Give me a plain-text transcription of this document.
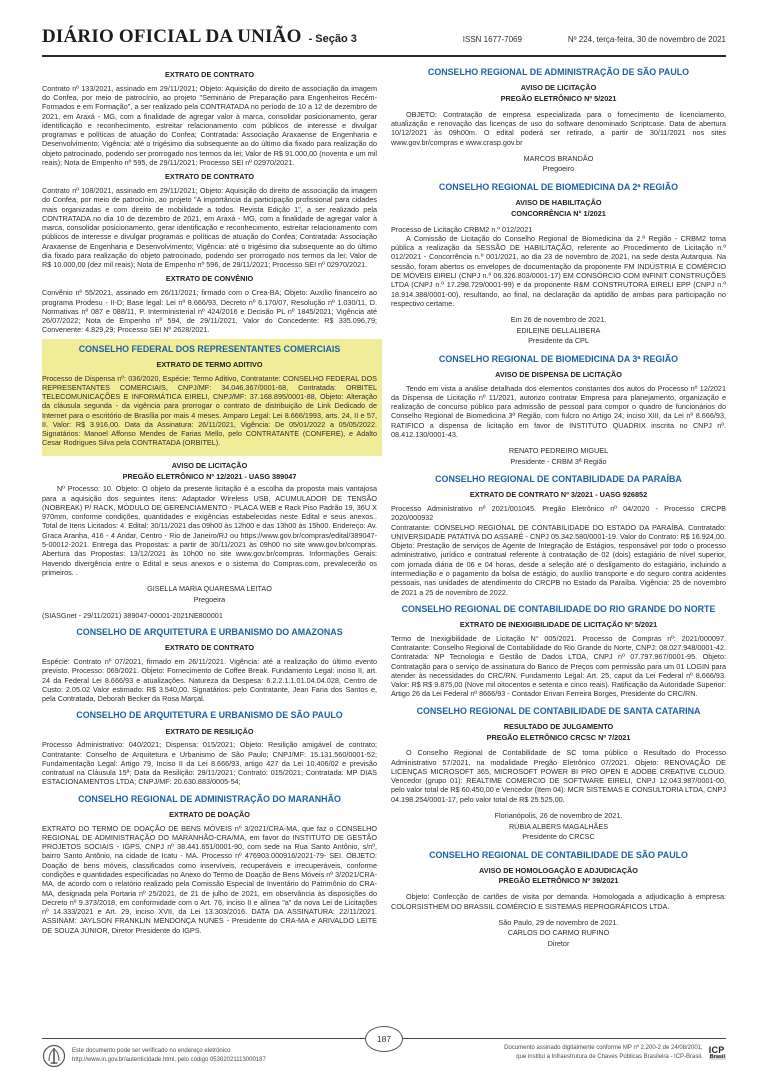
DIÁRIO OFICIAL DA UNIÃO - Seção 3	ISSN 1677-7069	Nº 224, terça-feira, 30 de novembro de 2021
EXTRATO DE CONTRATO

Contrato nº 133/2021, assinado em 29/11/2021; Objeto: Aquisição do direito de associação da imagem do Confea, por meio de patrocínio, ao projeto "Seminário de Preparação para Engenheiros Recém-Formados e em Formação", a ser realizado pela CONTRATADA no período de 10 a 12 de dezembro de 2021, em Araxá - MG, com a finalidade de agregar valor à marca, consolidar posicionamento, gerar identificação e reconhecimento, estreitar relacionamento com públicos de interesse e divulgar programas e políticas de atuação do Confea; Contratada: Associação Araxaense de Engenharia e Desenvolvimento; Vigência: até o trigésimo dia subsequente ao do último dia fixado para realização do objeto patrocinado, podendo ser prorrogado nos termos da lei; Valor de R$ 91.000,00 (noventa e um mil reais); Nota de Empenho nº 595, de 29/11/2021; Processo SEI nº 02970/2021.

EXTRATO DE CONTRATO

Contrato nº 108/2021, assinado em 29/11/2021; Objeto: Aquisição do direito de associação da imagem do Confea, por meio de patrocínio, ao projeto "A importância da participação profissional para cidades mais organizadas e com direito de mobilidade a todos. Revista Edição 1", a ser realizado pela CONTRATADA no dia 10 de dezembro de 2021, em Araxá - MG, com a finalidade de agregar valor à marca, consolidar posicionamento, gerar identificação e reconhecimento, estreitar relacionamento com públicos de interesse e divulgar programas e políticas de atuação do Confea; Contratada: Associação Araxaense de Engenharia e Desenvolvimento; Vigência: até o trigésimo dia subsequente ao do último dia fixado para realização do objeto patrocinado, podendo ser prorrogado nos termos da lei; Valor de R$ 10.000,00 (dez mil reais); Nota de Empenho nº 596, de 29/11/2021; Processo SEI nº 02970/2021.

EXTRATO DE CONVÊNIO

Convênio nº 55/2021, assinado em 26/11/2021; firmado com o Crea-BA; Objeto: Auxílio financeiro ao programa Prodesu - II-D; Base legal: Lei nº 8.666/93, Decreto nº 6.170/07, Resolução nº 1.030/11, D. Normativas nº 087 e 088/11, P. Interministerial nº 424/2016 e Decisão PL nº 1845/2021; Vigência até 26/07/2022; Nota de Empenho nº 594, de 29/11/2021, Valor do Concedente: R$ 335.096,79; Convenente: 4.829,29; Processo SEI Nº 2628/2021.

CONSELHO FEDERAL DOS REPRESENTANTES COMERCIAIS
EXTRATO DE TERMO ADITIVO

Processo de Dispensa nº: 036/2020, Espécie: Termo Aditivo, Contratante: CONSELHO FEDERAL DOS REPRESENTANTES COMERCIAIS, CNPJ/MF: 34.046.367/0001-68, Contratada: ORBITEL TELECOMUNICAÇÕES E INFORMÁTICA EIRELI, CNPJ/MF: 37.168.895/0001-88, Objeto: Alteração da cláusula segunda - da vigência para prorrogar o contrato de distribuição de Link Dedicado de Internet para o escritório de Brasília por mais 4 meses. Amparo Legal: Lei 8.666/1993, arts. 24, II e 57, II. Valor: R$ 3.916,00. Data da Assinatura: 26/11/2021, Vigência: De 05/01/2022 a 05/05/2022. Signatários: Manoel Affonso Mendes de Farias Mello, pelo CONTRATANTE (CONFERE), e Adalto Cesar Rodrigues Silva pela CONTRATADA (ORBITEL).

AVISO DE LICITAÇÃO
PREGÃO ELETRÔNICO Nº 12/2021 - UASG 389047

Nº Processo: 10. Objeto: O objeto da presente licitação é a escolha da proposta mais vantajosa para a aquisição dos seguintes itens: Adaptador Wireless USB, ACUMULADOR DE TENSÃO (NOBREAK) P/ RACK, MÓDULO DE GERENCIAMENTO - PLACA WEB e Rack Piso Padrão 19, 36U X 970mm, conforme condições, quantidades e exigências estabelecidas neste Edital e seus anexos.. Total de Itens Licitados: 4. Edital: 30/11/2021 das 09h00 às 12h00 e das 13h00 às 15h00. Endereço: Av. Graca Aranha, 416 - 4 Andar, Centro - Rio de Janeiro/RJ ou https://www.gov.br/compras/edital/389047-5-00012-2021. Entrega das Propostas: a partir de 30/11/2021 às 09h00 no site www.gov.br/compras. Abertura das Propostas: 13/12/2021 às 10h00 no site www.gov.br/compras. Informações Gerais: Havendo divergência entre o Edital e seus anexos e o sistema do Compras.com, prevalecerão os primeiros. .

GISELLA MARIA QUARESMA LEITAO
Pregoeira
(SIASGnet - 29/11/2021) 389047-00001-2021NE800001
CONSELHO DE ARQUITETURA E URBANISMO DO AMAZONAS
EXTRATO DE CONTRATO

Espécie: Contrato nº 07/2021, firmado em 26/11/2021. Vigência: até a realização do último evento previsto. Processo: 069/2021. Objeto: Fornecimento de Coffee Break. Fundamento Legal: inciso II, art. 24 da Federal Lei 8.666/93 e atualizações. Natureza da Despesa: 6.2.2.1.1.01.04.04.028, Centro de Custo: 2.05.02 Valor estimado: R$ 3.540,00. Signatários: pelo Contratante, Jean Faria dos Santos e, pela Contratada, Deborah Becker da Rosa Marçal.

CONSELHO DE ARQUITETURA E URBANISMO DE SÃO PAULO
EXTRATO DE RESILIÇÃO

Processo Administrativo: 040/2021; Dispensa: 015/2021; Objeto: Resilição amigável de contrato; Contratante: Conselho de Arquitetura e Urbanismo de São Paulo; CNPJ/MF: 15.131.560/0001-52; Fundamentação Legal: Artigo 79, Inciso II da Lei 8.666/93, artigo 427 da Lei 10.406/02 e previsão contratual na Cláusula 15ª; Data da Resilição: 29/11/2021; Contrato: 015/2021; Contratada: MP DIAS ESTACIONAMENTOS LTDA; CNPJ/MF: 20.630.883/0005-54;

CONSELHO REGIONAL DE ADMINISTRAÇÃO DO MARANHÃO
EXTRATO DE DOAÇÃO

EXTRATO DO TERMO DE DOAÇÃO DE BENS MÓVEIS nº 3/2021/CRA-MA, que faz o CONSELHO REGIONAL DE ADMINISTRAÇÃO DO MARANHÃO-CRA/MA, em favor do INSTITUTO DE GESTÃO PROJETOS SOCIAIS - IGPS, CNPJ nº 38.441.651/0001-90, com sede na Rua Santo Antônio, s/nº, bairro Santo Antônio, na cidade de Icatu - MA. Processo nº 476903.000916/2021-79- SEI. OBJETO: Doação de bens móveis, classificados como inservíveis, recuperáveis e irrecuperáveis, conforme condições e quantidades especificadas no Anexo do Termo de Doação de Bens Móveis nº 3/2021/CRA-MA, de acordo com o relatório realizado pela Comissão Especial de Inventário do Patrimônio do CRA-MA, designada pela Portaria nº 25/2021, de 21 de julho de 2021, em observância às disposições do Decreto nº 9.373/2018, em conformidade com o Art. 76, inciso II e alínea "a" da nova Lei de Licitações nº 14.333/2021 e Art. 29, inciso XVII, da Lei 13.303/2016. DATA DA ASSINATURA: 22/11/2021. ASSINAM: JAYLSON FRANKLIN MENDONÇA NUNES - Presidente do CRA-MA e ARIVALDO LEITE DE SOUZA JÚNIOR, Diretor Presidente do IGPS.

CONSELHO REGIONAL DE ADMINISTRAÇÃO DE SÃO PAULO
AVISO DE LICITAÇÃO
PREGÃO ELETRÔNICO Nº 5/2021

OBJETO: Contratação de empresa especializada para o fornecimento de licenciamento, atualização e renovação das licenças de uso do software denominado Scriptcase. Data de abertura 10/12/2021 às 09h00m. O edital poderá ser retirado, a partir de 30/11/2021 nos sites www.gov.br/compras e www.crasp.gov.br

MARCOS BRANDÃO
Pregoeiro
CONSELHO REGIONAL DE BIOMEDICINA DA 2ª REGIÃO
AVISO DE HABILITAÇÃO
CONCORRÊNCIA N° 1/2021

Processo de Licitação CRBM2 n.º 012/2021

A Comissão de Licitação do Conselho Regional de Biomedicina da 2.ª Região - CRBM2 torna pública a realização da SESSÃO DE HABILITAÇÃO, referente ao Procedimento de Licitação n.º 012/2021 - Concorrência n.º 001/2021, ao dia 23 de novembro de 2021, na sede desta Autarquia. Na sessão, foram abertos os envelopes de documentação da proponente FM INDÚSTRIA E COMÉRCIO DE MÓVEIS EIRELI (CNPJ n.º 06.326.803/0001-17) EM CONSÓRCIO COM INFINIT CONSTRUÇÕES LTDA (CNPJ n.º 17.298.729/0001-99) e da proponente R&M CONSTRUTORA EIRELI EPP (CNPJ n.º 18.914.388/0001-00), resultando, ao final, na declaração da aptidão de ambas para participação no respectivo certame.

Em 26 de novembro de 2021.
EDILEINE DELLALIBERA
Presidente da CPL
CONSELHO REGIONAL DE BIOMEDICINA DA 3ª REGIÃO
AVISO DE DISPENSA DE LICITAÇÃO

Tendo em vista a análise detalhada dos elementos constantes dos autos do Processo nº 12/2021 da Dispensa de Licitação nº 11/2021, autorizo contratar Empresa para planejamento, organização e realização de concurso público para admissão de pessoal para compor o quadro de funcionários do Conselho Regional de Biomedicina 3ª Região, com fulcro no Artigo 24, inciso XIII, da Lei nº 8.666/93, RATIFICO a dispensa de licitação em favor de INSTITUTO QUADRIX inscrita no CNPJ nº. 08.412.130/0001-43.

RENATO PEDREIRO MIGUEL
Presidente - CRBM 3ª Região
CONSELHO REGIONAL DE CONTABILIDADE DA PARAÍBA
EXTRATO DE CONTRATO Nº 3/2021 - UASG 926852

Processo Administrativo nº 2021/001045. Pregão Eletrônico nº 04/2020 - Processo CRCPB 2020/000932

Contratante: CONSELHO REGIONAL DE CONTABILIDADE DO ESTADO DA PARAÍBA. Contratado: UNIVERSIDADE PATATIVA DO ASSARÉ - CNPJ 05.342.580/0001-19. Valor do Contrato: R$ 16.924,00. Objeto: Prestação de serviços de Agente de Integração de Estágios, responsável por todo o processo administrativo, jurídico e contratual referente à contratação de 02 (dois) estagiário de nível superior, com jornada diária de 06 e 04 horas, desde a seleção até o desligamento do estagiário, incluindo a intermediação e o pagamento da bolsa de estágio, do auxílio transporte e do seguro contra acidentes pessoais, nas unidades de atendimento do CRCPB no Estado da Paraíba. Vigência: 25 de novembro de 2021 a 25 de novembro de 2022.

CONSELHO REGIONAL DE CONTABILIDADE DO RIO GRANDE DO NORTE
EXTRATO DE INEXIGIBILIDADE DE LICITAÇÃO Nº 5/2021

Termo de Inexigibilidade de Licitação N° 005/2021. Processo de Compras nº: 2021/000097. Contratante: Conselho Regional de Contabilidade do Rio Grande do Norte, CNPJ: 08.027.948/0001-42. Contratada: NP Tecnologia e Gestão de Dados LTDA, CNPJ nº 07.797.967/0001-95. Objeto: Contratação para o serviço de assinatura do Banco de Preços com permissão para um 01 LOGIN para atender às necessidades do CRC/RN. Fundamento Legal: Art. 25, caput da Lei Federal nº 8.666/93. Valor: R$ R$ 9.875,00 (Nove mil oitocentos e setenta e cinco reais). Ratificação da Autoridade Superior: Artigo 26 da Lei Federal nº 8666/93 - Contador Erivan Ferreira Borges, Presidente do CRC/RN.

CONSELHO REGIONAL DE CONTABILIDADE DE SANTA CATARINA
RESULTADO DE JULGAMENTO
PREGÃO ELETRÔNICO CRCSC Nº 7/2021

O Conselho Regional de Contabilidade de SC torna público o Resultado do Processo Administrativo 57/2021, na modalidade Pregão Eletrônico 07/2021. Objeto: RENOVAÇÃO DE LICENÇAS MICROSOFT 365, MICROSOFT POWER BI PRO OPEN E ADOBE CREATIVE CLOUD. Vencedor (grupo 01): REALTIME COMERCIO DE SOFTWARE EIRELI, CNPJ 12.043.987/0001-00, pelo valor total de R$ 60.450,00 e Vencedor (Item 04): MCR SISTEMAS E CONSULTORIA LTDA, CNPJ 04.198.254/0001-17, pelo valor total de R$ 25.525,00.

Florianópolis, 26 de novembro de 2021.
RÚBIA ALBERS MAGALHÃES
Presidente do CRCSC
CONSELHO REGIONAL DE CONTABILIDADE DE SÃO PAULO
AVISO DE HOMOLOGAÇÃO E ADJUDICAÇÃO
PREGÃO ELETRÔNICO Nº 39/2021

Objeto: Confecção de cartões de visita por demanda. Homologada a adjudicação à empresa: COLORSISTHEM DO BRASSIL COMÉRCIO E SISTEMAS REPROGRÁFICOS LTDA.

São Paulo, 29 de novembro de 2021.
CARLOS DO CARMO RUFINO
Diretor
187
Este documento pode ser verificado no endereço eletrônico
http://www.in.gov.br/autenticidade.html, pelo código 05302021113000187
Documento assinado digitalmente conforme MP nº 2.200-2 de 24/08/2001,
que institui a Infraestrutura de Chaves Públicas Brasileira - ICP-Brasil.
ICP
Brasil
